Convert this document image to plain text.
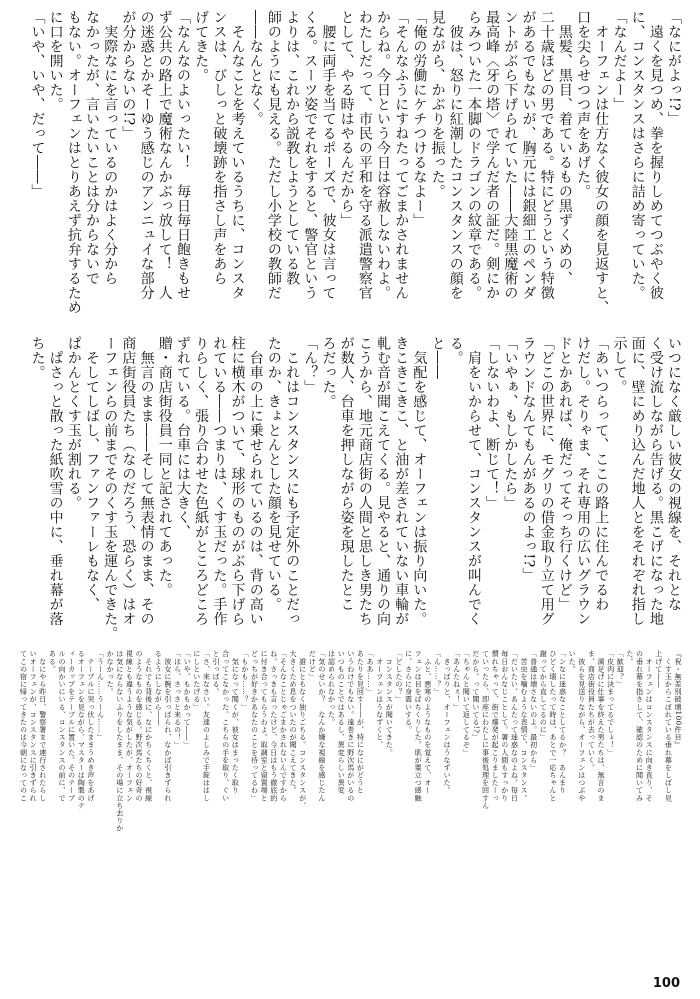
「なにがよっ!?」
　遠くを見つめ、拳を握りしめてつぶやく彼
に、コンスタンスはさらに詰め寄っていた。
「なんだよー」
　オーフェンは仕方なく彼女の顔を見返すと、
口を尖らせつつ声をあげた。
　黒髪、黒目、着ているもの黒ずくめの、
二十歳ほどの男である。特にどうという特徴
があるでもないが、胸元には銀細工のペンダ
ントがぶら下げられていた――大陸黒魔術の
最高峰〈牙の塔〉で学んだ者の証だ。剣にか
らみついた一本脚のドラゴンの紋章である。
　彼は、怒りに紅潮したコンスタンスの顔を
見ながら、かぶりを振った。
「俺の労働にケチつけるなよー」
「そんなふうにすねたってごまかされません
からね。今日という今日は容赦しないわよ。
わたしだって、市民の平和を守る派遣警察官
として、やる時はやるんだから」
　腰に両手を当てるポーズで、彼女は言って
くる。スーツ姿でそれをすると、警官という
よりは、これから説教しようとしている教
師のようにも見える。ただし小学校の教師だ
――なんとなく。
　そんなことを考えているうちに、コンスタ
ンスは、びしっと破壊跡を指さし声をあら
げてきた。
「なんなのよいったい！　毎日毎日飽きもせ
ず公共の路上で魔術なんかぶっ放して！　人
の迷惑とかそーゆう感じのアンニュイな部分
が分からないの!?」
　実際なにを言っているのかはよく分から
なかったが、言いたいことは分からないで
もない。オーフェンはとりあえず抗弁するため
に口を開いた。
「いや、いや、だって――」
いつになく厳しい彼女の視線を、それとな
く受け流しながら告げる。黒こげになった地
面に、壁にめり込んだ地人とをそれぞれ指し
示して。
「あいつらって、ここの路上に住んでるわ
けだし。そりゃま、それ専用の広いグラウン
ドとかあれば、俺だってそっち行くけど」
「どこの世界に、モグリの借金取り立て用グ
ラウンドなんてもんがあるのよっ!?」
「いやぁ、もしかしたら」
「しないわよ、断じて！」
　肩をいからせて、コンスタンスが叫んでく
る。
と――
　気配を感じて、オーフェンは振り向いた。
きこきこきこ、と油が差されていない車輪が
軋む音が聞こえてくる。見やると、通りの向
こうから、地元商店街の人間と思しき男たち
が数人、台車を押しながら姿を現したとこ
ろだった。
「ん？」
　これはコンスタンスにも予定外のことだっ
たのか、きょとんとした顔を見せている。
　台車の上に乗せられているのは、背の高い
柱に横木がついて、球形のものがぶら下げら
れている――つまりは、くす玉だった。手作
りらしく、張り合わせた色紙がところどころ
ずれている。台車には大きく、
贈・商店街役員一同と記されてあった。
　無言のまま――そして無表情のまま、その
商店街役員たち（なのだろう、恐らく）はオ
ーフェンらの前までそのくす玉を運んできた。
　そしてしばし、ファンファーレもなく、
ぱかんとくす玉が割れる。
　ぱさっと散った紙吹雪の中に、垂れ幕が落
ちた。
『祝・無差別破壊100件目』
　くす玉からこぼれている垂れ幕をしばし見
上げて――
　オーフェンはコンスタンスに向き直り、そ
の垂れ幕を指さして、確認のために聞いてみ
た。
「歓迎？」
「皮肉に決まってるでしょ！」
　満足げに仕事を終えた男たちは、無言のま
ま、商店街役員たちが去っていく。
　彼らを見送りながら、オーフェンはつぶや
いた。
「ンなに迷惑なことしてるか？　あんまり
ひどく壊したって時は、あとで一応ちゃんと
謝ってから直してるのに」
「普通は壊さないのよ。最初から」
　苦虫を噛むような表情で、コンスタンス。
「だいたい、あんたって迷惑なのよね。毎日
毎日おんなじことして。署の人間もすっかり
慣れちゃって、街で爆発が起こりましたーっ
ていったら、即座にわたしに事後処理を回すん
だから。って聞いてる!?」
「ちゃんと聞いて返してるぞ」
「あんたねぇ！」
　きっぱりと、オーフェンはうなずいた。
「ん……？」
　ふと、悪寒のようなものを覚えて、オー
フェンは目をぱちくりした。肌が粟立つ感触
に、さらに身震いする。
「どしたの？」
　コンスタンスが聞いてきた。
　オーフェンはうなずくと、
「ああ……」
あたりを見回す――が、特になにがどうと
いうわけでもない。遠巻きに野次馬がいるの
いつものことではあるし、異変らしい異変
は認められなかった。
「気のせいか？　なんか嫌な視線を感じたん
だけど」
　誰にともなく独りごちる。コンスタンスが、
大きくため息をついたのが聞こえてきた。
「そんなことじゃごまかされないんですから
ね。さっきも言ったけど、今日はもう徹底的
に付き合ってもらうわよ。取調室と留置場と
どっちが好きかあなたのことを待ってるわ」
「もかも……？」
　気になって聞くが、彼女はまったく取り
合ってこなかった。こちらの手を取り、ぐい
と引っぱる。
「さ、来なさい。友達のよしみで手錠ははし
にしといたげる」
「いや、もかもかって――」
「ほら、さっさと来るの！」
　彼女に腕を引っぱられ、なかば引きずられ
るようにしながら――
　それでも背後に、なにかちくちくと、視線
のようなものを感じる。野次馬たちの好奇の
視線とも違うような気がしたが、オーフェン
は気にならないふりをしたまま、その場に立ち去りか
かなかった。
「うーん……うーん……」
　テーブルに突っ伏したままうめき声をあげ
るオーフェンを見ながら、マスターは陶製のテ
ィーカップをテーブルに置いた。そのテーブ
ルの向かいにいる、コンスタンスの前に、で
ある。
　なにやら昨日、警察署まで連行されたらし
いオーフェンが、コンスタンスに引きずられ
てこの宿に帰ってきたのは今朝になってのこ
100
